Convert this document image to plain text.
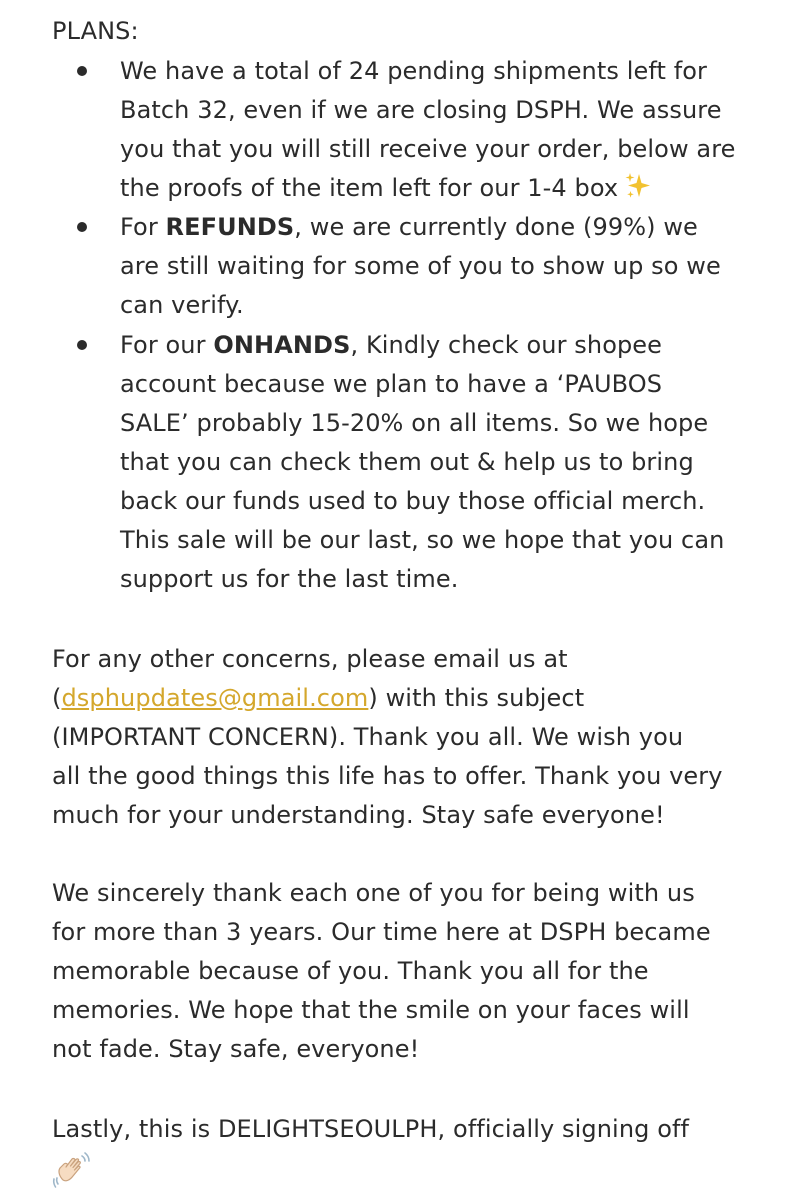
PLANS:
We have a total of 24 pending shipments left for
Batch 32, even if we are closing DSPH. We assure
you that you will still receive your order, below are
the proofs of the item left for our 1-4 box
For REFUNDS, we are currently done (99%) we
are still waiting for some of you to show up so we
can verify.
For our ONHANDS, Kindly check our shopee
account because we plan to have a ‘PAUBOS
SALE’ probably 15-20% on all items. So we hope
that you can check them out & help us to bring
back our funds used to buy those official merch.
This sale will be our last, so we hope that you can
support us for the last time.
For any other concerns, please email us at
(dsphupdates@gmail.com) with this subject
(IMPORTANT CONCERN). Thank you all. We wish you
all the good things this life has to offer. Thank you very
much for your understanding. Stay safe everyone!
We sincerely thank each one of you for being with us
for more than 3 years. Our time here at DSPH became
memorable because of you. Thank you all for the
memories. We hope that the smile on your faces will
not fade. Stay safe, everyone!
Lastly, this is DELIGHTSEOULPH, officially signing off
